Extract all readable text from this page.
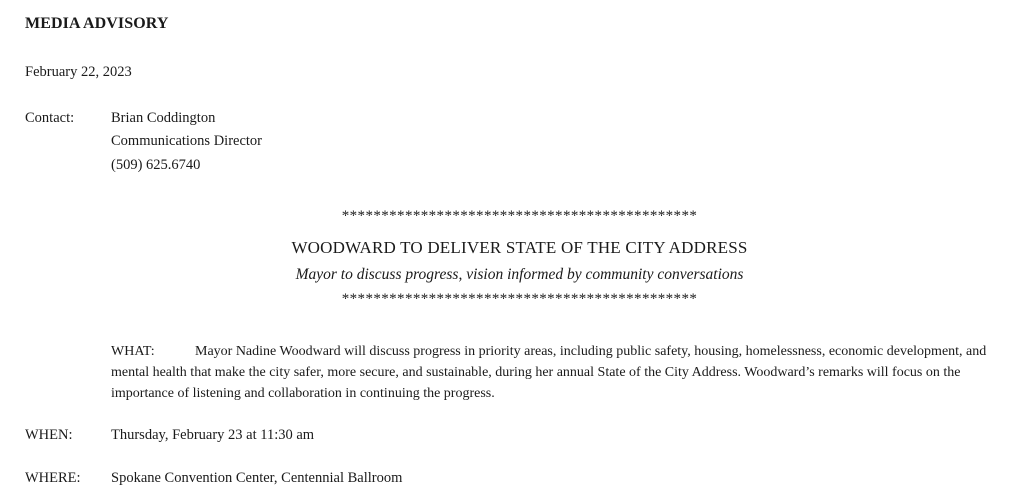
MEDIA ADVISORY
February 22, 2023
Contact:	Brian Coddington
Communications Director
(509) 625.6740
*********************************************
WOODWARD TO DELIVER STATE OF THE CITY ADDRESS
Mayor to discuss progress, vision informed by community conversations
*********************************************
WHAT:	Mayor Nadine Woodward will discuss progress in priority areas, including public safety, housing, homelessness, economic development, and mental health that make the city safer, more secure, and sustainable, during her annual State of the City Address. Woodward’s remarks will focus on the importance of listening and collaboration in continuing the progress.
WHEN:	Thursday, February 23 at 11:30 am
WHERE: Spokane Convention Center, Centennial Ballroom
